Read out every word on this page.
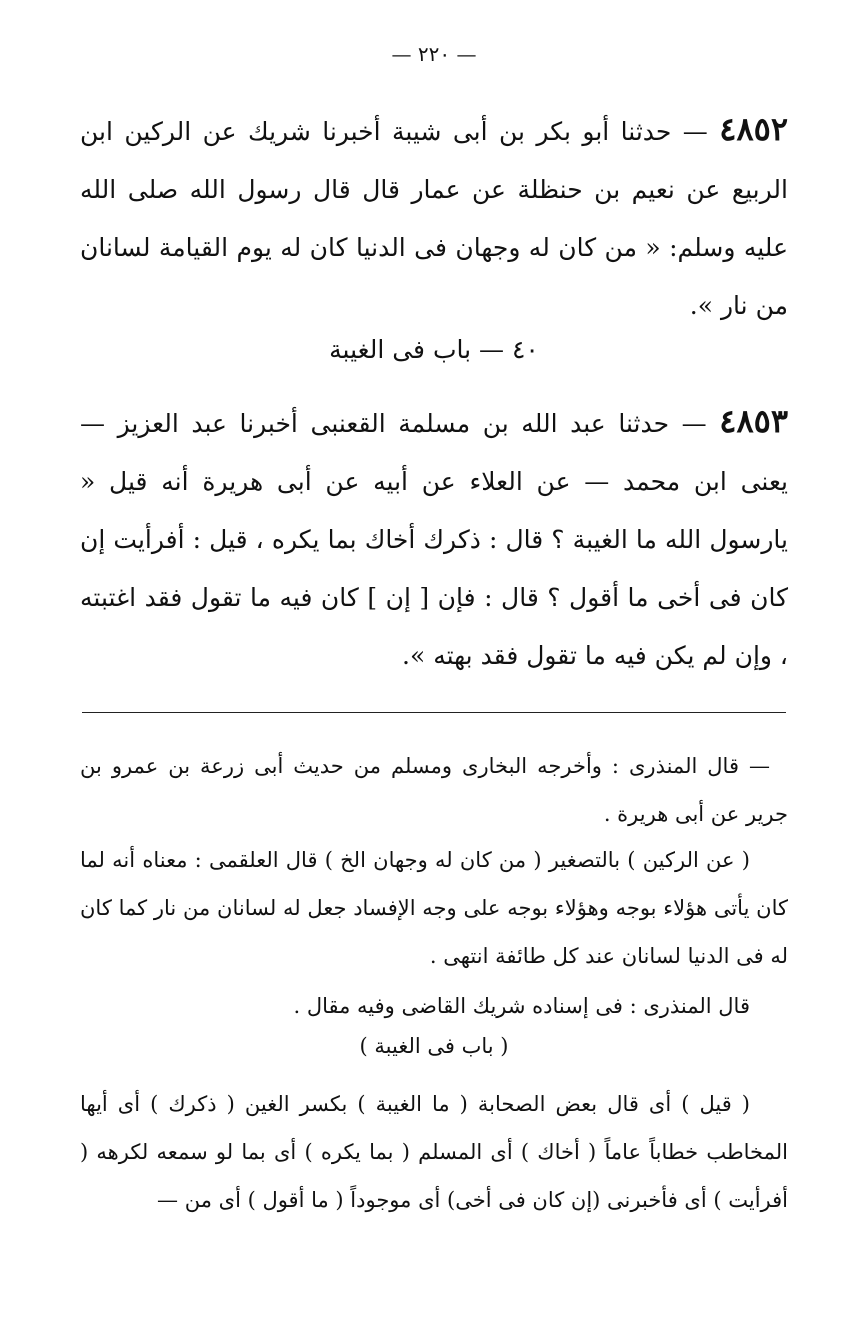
— ٢٢٠ —
٤٨٥٢ — حدثنا أبو بكر بن أبى شيبة أخبرنا شريك عن الركين ابن الربيع عن نعيم بن حنظلة عن عمار قال قال رسول الله صلى الله عليه وسلم: « من كان له وجهان فى الدنيا كان له يوم القيامة لسانان من نار ».
٤٠ — باب فى الغيبة
٤٨٥٣ — حدثنا عبد الله بن مسلمة القعنبى أخبرنا عبد العزيز — يعنى ابن محمد — عن العلاء عن أبيه عن أبى هريرة أنه قيل « يارسول الله ما الغيبة ؟ قال : ذكرك أخاك بما يكره ، قيل : أفرأيت إن كان فى أخى ما أقول ؟ قال : فإن [ إن ] كان فيه ما تقول فقد اغتبته ، وإن لم يكن فيه ما تقول فقد بهته ».
— قال المنذرى : وأخرجه البخارى ومسلم من حديث أبى زرعة بن عمرو بن جرير عن أبى هريرة .
( عن الركين ) بالتصغير ( من كان له وجهان الخ ) قال العلقمى : معناه أنه لما كان يأتى هؤلاء بوجه وهؤلاء بوجه على وجه الإفساد جعل له لسانان من نار كما كان له فى الدنيا لسانان عند كل طائفة انتهى .
قال المنذرى : فى إسناده شريك القاضى وفيه مقال .
( باب فى الغيبة )
( قيل ) أى قال بعض الصحابة ( ما الغيبة ) بكسر الغين ( ذكرك ) أى أيها المخاطب خطاباً عاماً ( أخاك ) أى المسلم ( بما يكره ) أى بما لو سمعه لكرهه ( أفرأيت ) أى فأخبرنى (إن كان فى أخى) أى موجوداً ( ما أقول ) أى من —
